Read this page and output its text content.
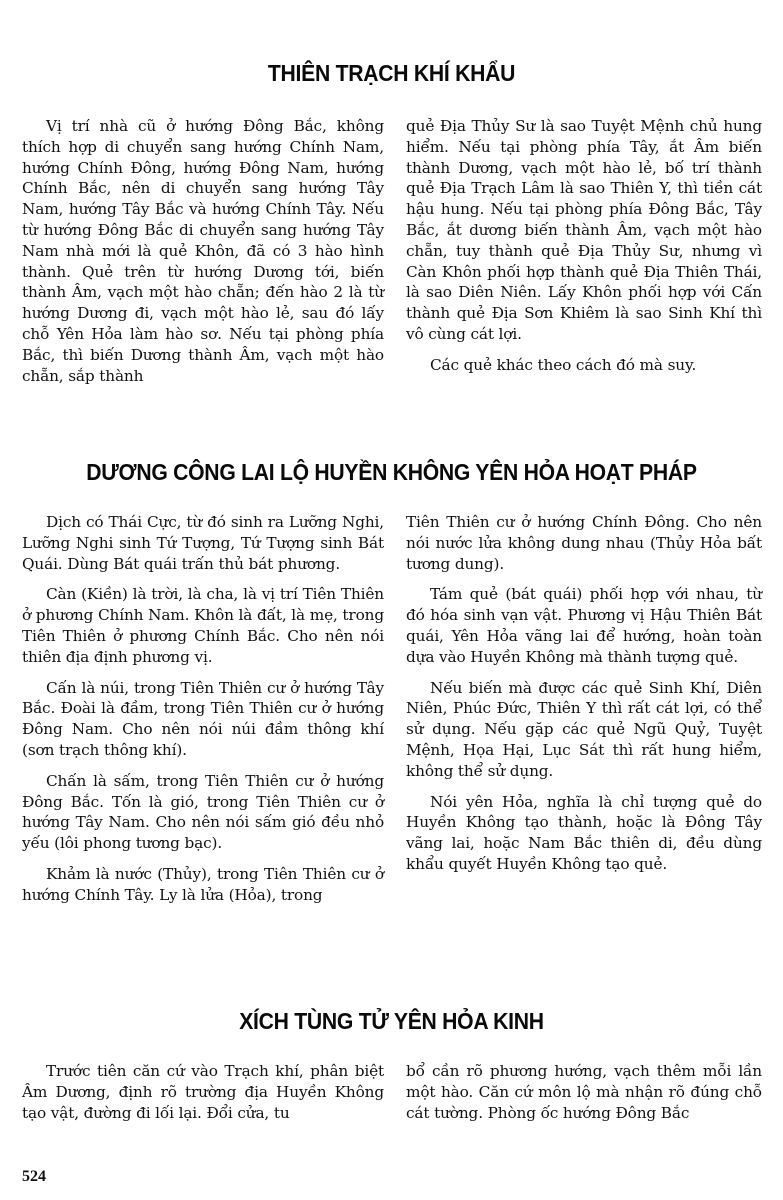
THIÊN TRẠCH KHÍ KHẨU

Vị trí nhà cũ ở hướng Đông Bắc, không thích hợp di chuyển sang hướng Chính Nam, hướng Chính Đông, hướng Đông Nam, hướng Chính Bắc, nên di chuyển sang hướng Tây Nam, hướng Tây Bắc và hướng Chính Tây. Nếu từ hướng Đông Bắc di chuyển sang hướng Tây Nam nhà mới là quẻ Khôn, đã có 3 hào hình thành. Quẻ trên từ hướng Dương tới, biến thành Âm, vạch một hào chẵn; đến hào 2 là từ hướng Dương đi, vạch một hào lẻ, sau đó lấy chỗ Yên Hỏa làm hào sơ. Nếu tại phòng phía Bắc, thì biến Dương thành Âm, vạch một hào chẵn, sắp thành

quẻ Địa Thủy Sư là sao Tuyệt Mệnh chủ hung hiểm. Nếu tại phòng phía Tây, ắt Âm biến thành Dương, vạch một hào lẻ, bố trí thành quẻ Địa Trạch Lâm là sao Thiên Y, thì tiền cát hậu hung. Nếu tại phòng phía Đông Bắc, Tây Bắc, ắt dương biến thành Âm, vạch một hào chẵn, tuy thành quẻ Địa Thủy Sư, nhưng vì Càn Khôn phối hợp thành quẻ Địa Thiên Thái, là sao Diên Niên. Lấy Khôn phối hợp với Cấn thành quẻ Địa Sơn Khiêm là sao Sinh Khí thì vô cùng cát lợi.

Các quẻ khác theo cách đó mà suy.

DƯƠNG CÔNG LAI LỘ HUYỀN KHÔNG YÊN HỎA HOẠT PHÁP

Dịch có Thái Cực, từ đó sinh ra Lưỡng Nghi, Lưỡng Nghi sinh Tứ Tượng, Tứ Tượng sinh Bát Quái. Dùng Bát quái trấn thủ bát phương.

Càn (Kiền) là trời, là cha, là vị trí Tiên Thiên ở phương Chính Nam. Khôn là đất, là mẹ, trong Tiên Thiên ở phương Chính Bắc. Cho nên nói thiên địa định phương vị.

Cấn là núi, trong Tiên Thiên cư ở hướng Tây Bắc. Đoài là đầm, trong Tiên Thiên cư ở hướng Đông Nam. Cho nên nói núi đầm thông khí (sơn trạch thông khí).

Chấn là sấm, trong Tiên Thiên cư ở hướng Đông Bắc. Tốn là gió, trong Tiên Thiên cư ở hướng Tây Nam. Cho nên nói sấm gió đều nhỏ yếu (lôi phong tương bạc).

Khảm là nước (Thủy), trong Tiên Thiên cư ở hướng Chính Tây. Ly là lửa (Hỏa), trong

Tiên Thiên cư ở hướng Chính Đông. Cho nên nói nước lửa không dung nhau (Thủy Hỏa bất tương dung).

Tám quẻ (bát quái) phối hợp với nhau, từ đó hóa sinh vạn vật. Phương vị Hậu Thiên Bát quái, Yên Hỏa vãng lai để hướng, hoàn toàn dựa vào Huyền Không mà thành tượng quẻ.

Nếu biến mà được các quẻ Sinh Khí, Diên Niên, Phúc Đức, Thiên Y thì rất cát lợi, có thể sử dụng. Nếu gặp các quẻ Ngũ Quỷ, Tuyệt Mệnh, Họa Hại, Lục Sát thì rất hung hiểm, không thể sử dụng.

Nói yên Hỏa, nghĩa là chỉ tượng quẻ do Huyền Không tạo thành, hoặc là Đông Tây vãng lai, hoặc Nam Bắc thiên di, đều dùng khẩu quyết Huyền Không tạo quẻ.

XÍCH TÙNG TỬ YÊN HỎA KINH

Trước tiên căn cứ vào Trạch khí, phân biệt Âm Dương, định rõ trường địa Huyền Không tạo vật, đường đi lối lại. Đổi cửa, tu

bổ cần rõ phương hướng, vạch thêm mỗi lần một hào. Căn cứ môn lộ mà nhận rõ đúng chỗ cát tường. Phòng ốc hướng Đông Bắc

524
